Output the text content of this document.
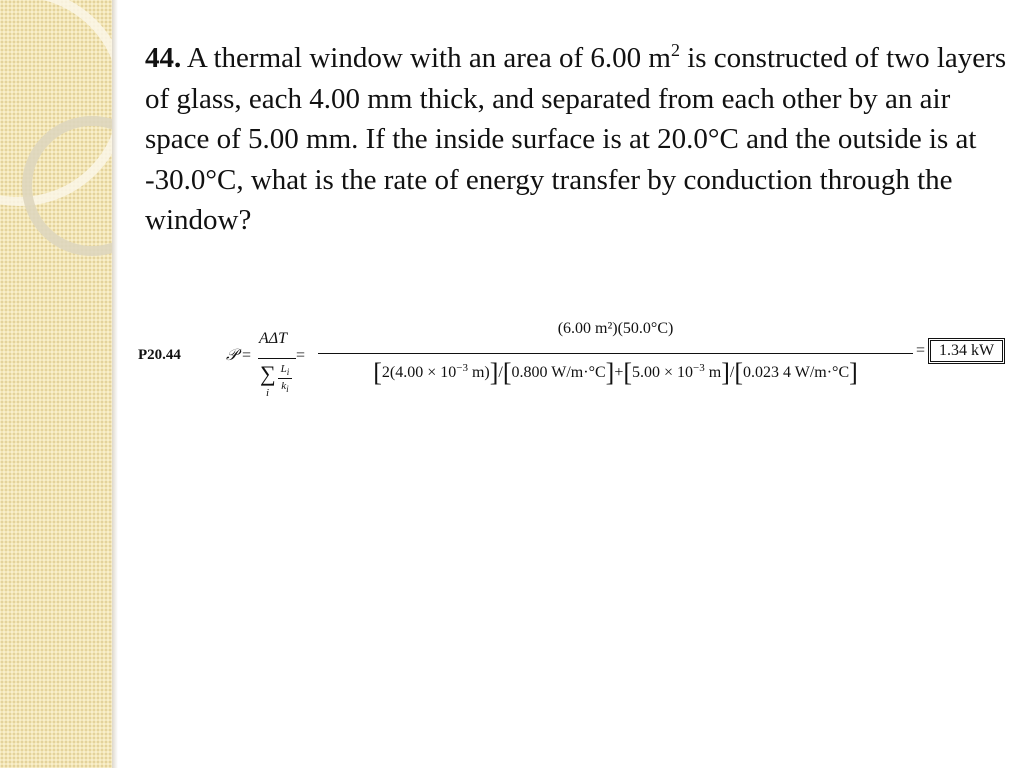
44. A thermal window with an area of 6.00 $m^2$ is constructed of two layers of glass, each 4.00 mm thick, and separated from each other by an air space of 5.00 mm. If the inside surface is at 20.0°C and the outside is at -30.0°C, what is the rate of energy transfer by conduction through the window?
P20.44	𝒫 =
AΔT
∑
i
$L_i$
$k_i$
=
(6.00 m²)(50.0°C)
[$2(4.00 \times 10^{-3}$ m)]/[0.800 $W/m\cdot^\circ C]+[5.00 \times 10^{-3}$ m]/[0.023 4 W/m·°C]
= 1.34 kW
